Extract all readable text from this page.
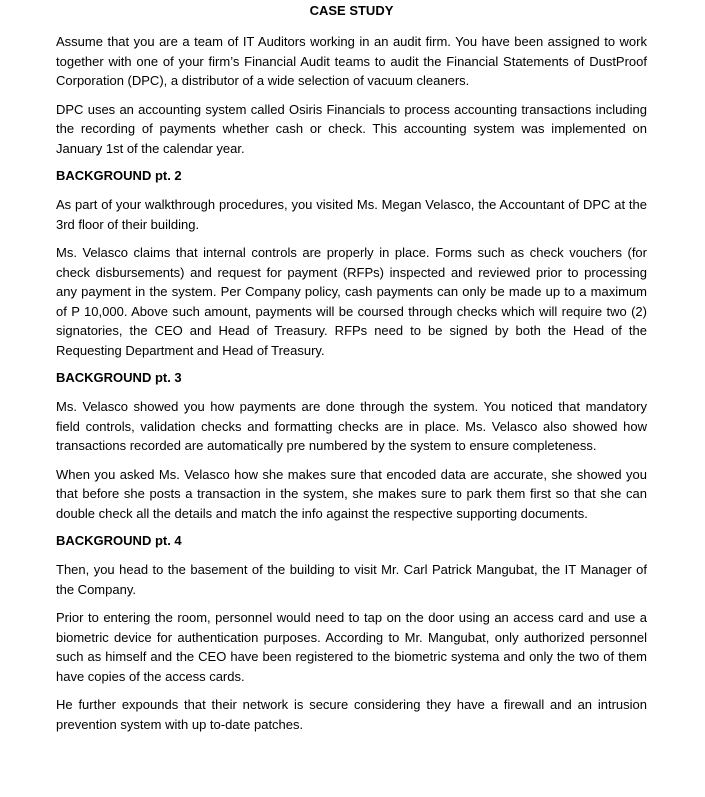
CASE STUDY

Assume that you are a team of IT Auditors working in an audit firm. You have been assigned to work together with one of your firm’s Financial Audit teams to audit the Financial Statements of DustProof Corporation (DPC), a distributor of a wide selection of vacuum cleaners.

DPC uses an accounting system called Osiris Financials to process accounting transactions including the recording of payments whether cash or check. This accounting system was implemented on January 1st of the calendar year.

BACKGROUND pt. 2

As part of your walkthrough procedures, you visited Ms. Megan Velasco, the Accountant of DPC at the 3rd floor of their building.

Ms. Velasco claims that internal controls are properly in place. Forms such as check vouchers (for check disbursements) and request for payment (RFPs) inspected and reviewed prior to processing any payment in the system. Per Company policy, cash payments can only be made up to a maximum of P 10,000. Above such amount, payments will be coursed through checks which will require two (2) signatories, the CEO and Head of Treasury. RFPs need to be signed by both the Head of the Requesting Department and Head of Treasury.

BACKGROUND pt. 3

Ms. Velasco showed you how payments are done through the system. You noticed that mandatory field controls, validation checks and formatting checks are in place. Ms. Velasco also showed how transactions recorded are automatically pre numbered by the system to ensure completeness.

When you asked Ms. Velasco how she makes sure that encoded data are accurate, she showed you that before she posts a transaction in the system, she makes sure to park them first so that she can double check all the details and match the info against the respective supporting documents.

BACKGROUND pt. 4

Then, you head to the basement of the building to visit Mr. Carl Patrick Mangubat, the IT Manager of the Company.

Prior to entering the room, personnel would need to tap on the door using an access card and use a biometric device for authentication purposes. According to Mr. Mangubat, only authorized personnel such as himself and the CEO have been registered to the biometric systema and only the two of them have copies of the access cards.

He further expounds that their network is secure considering they have a firewall and an intrusion prevention system with up to-date patches.
